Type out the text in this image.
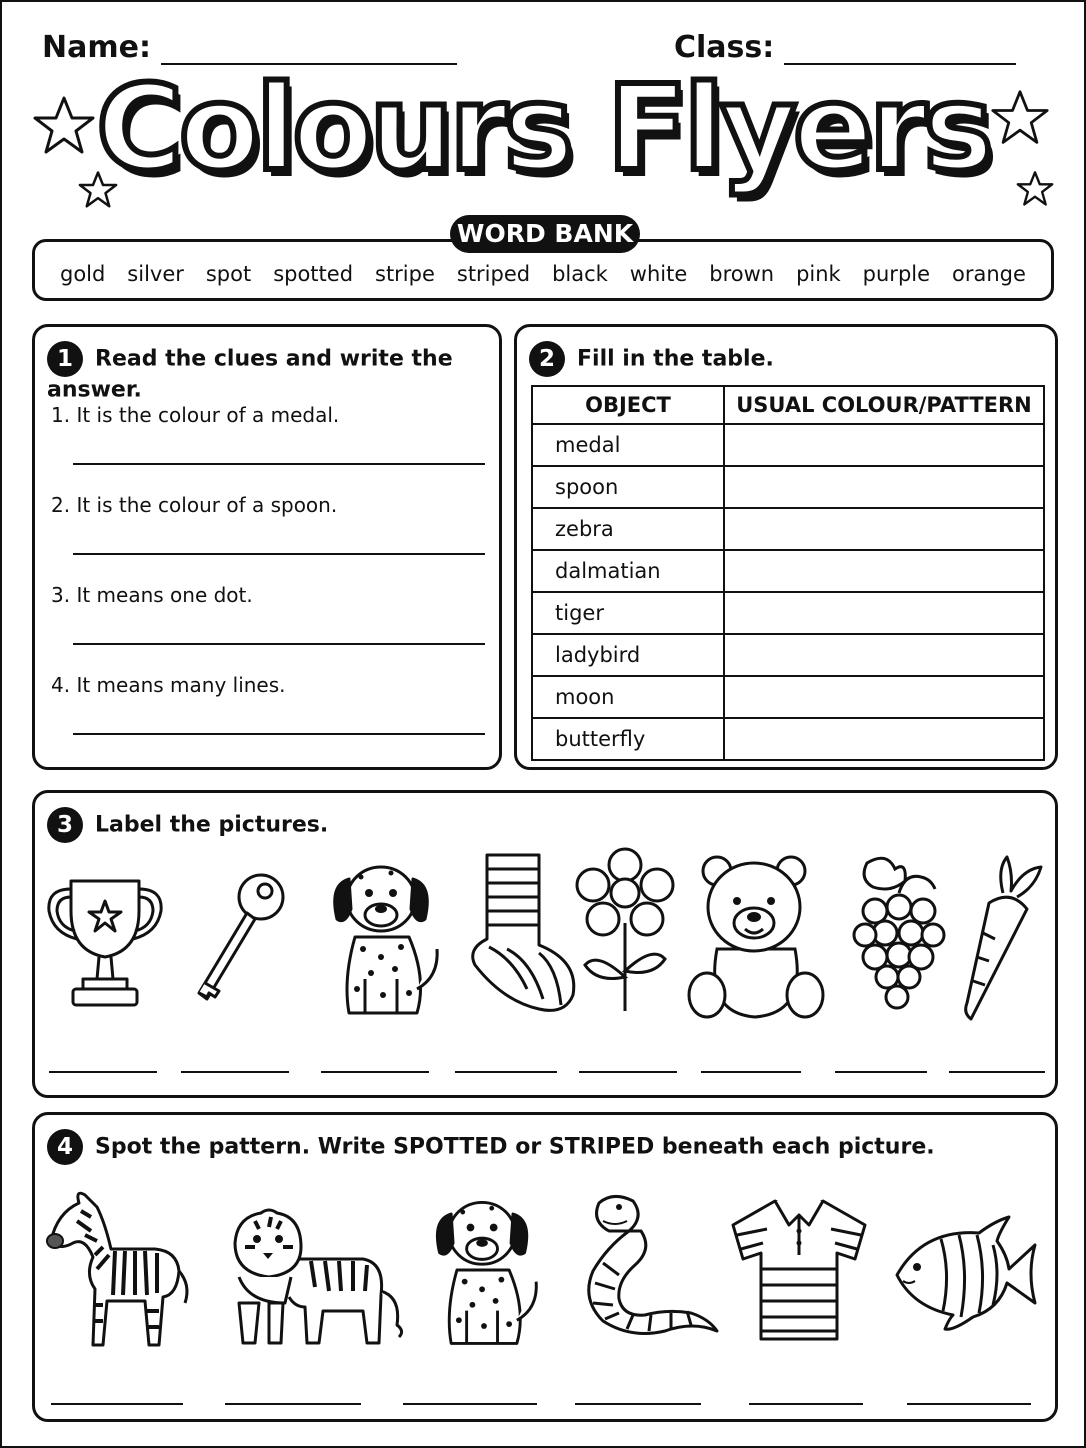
Name:	Class:
Colours Flyers
WORD BANK
gold silver spot spotted stripe striped black white brown pink purple orange
1 Read the clues and write the answer.
1. It is the colour of a medal.
2. It is the colour of a spoon.
3. It means one dot.
4. It means many lines.
2 Fill in the table.
OBJECT	USUAL COLOUR/PATTERN
medal	
spoon	
zebra	
dalmatian	
tiger	
ladybird	
moon	
butterfly	
3 Label the pictures.
4 Spot the pattern. Write SPOTTED or STRIPED beneath each picture.
